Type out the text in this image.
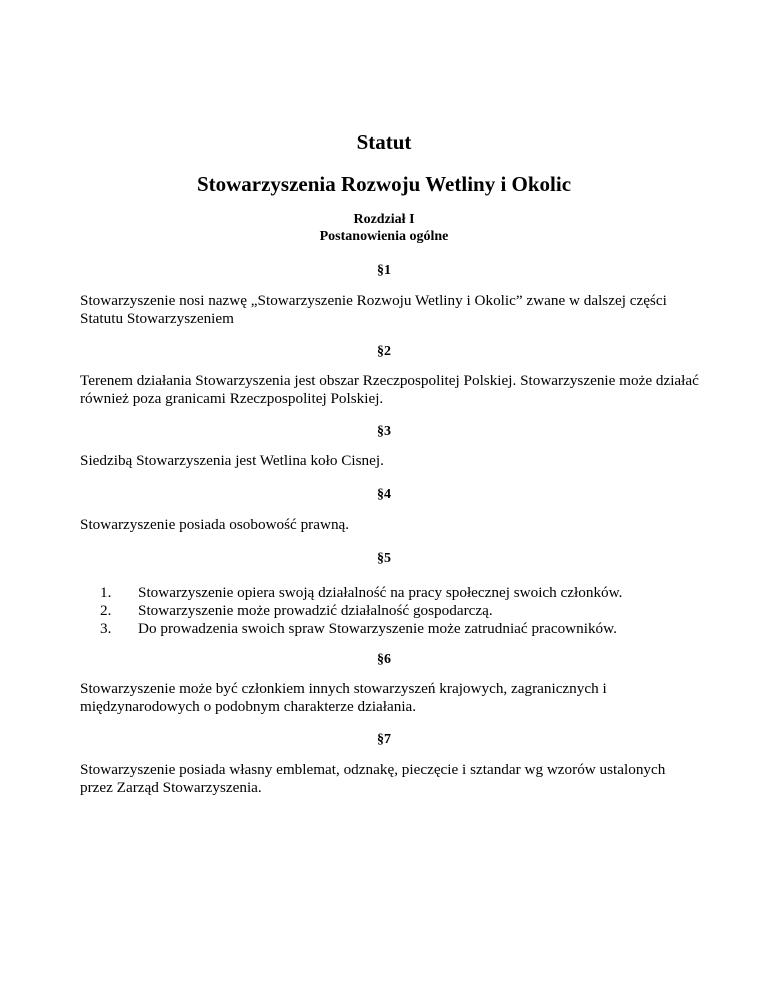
Statut
Stowarzyszenia Rozwoju Wetliny i Okolic

Rozdział I

Postanowienia ogólne

§1

Stowarzyszenie nosi nazwę „Stowarzyszenie Rozwoju Wetliny i Okolic” zwane w dalszej części Statutu Stowarzyszeniem

§2

Terenem działania Stowarzyszenia jest obszar Rzeczpospolitej Polskiej. Stowarzyszenie może działać również poza granicami Rzeczpospolitej Polskiej.

§3

Siedzibą Stowarzyszenia jest Wetlina koło Cisnej.

§4

Stowarzyszenie posiada osobowość prawną.

§5

1.	Stowarzyszenie opiera swoją działalność na pracy społecznej swoich członków.
2.	Stowarzyszenie może prowadzić działalność gospodarczą.
3.	Do prowadzenia swoich spraw Stowarzyszenie może zatrudniać pracowników.

§6

Stowarzyszenie może być członkiem innych stowarzyszeń krajowych, zagranicznych i międzynarodowych o podobnym charakterze działania.

§7

Stowarzyszenie posiada własny emblemat, odznakę, pieczęcie i sztandar wg wzorów ustalonych przez Zarząd Stowarzyszenia.
